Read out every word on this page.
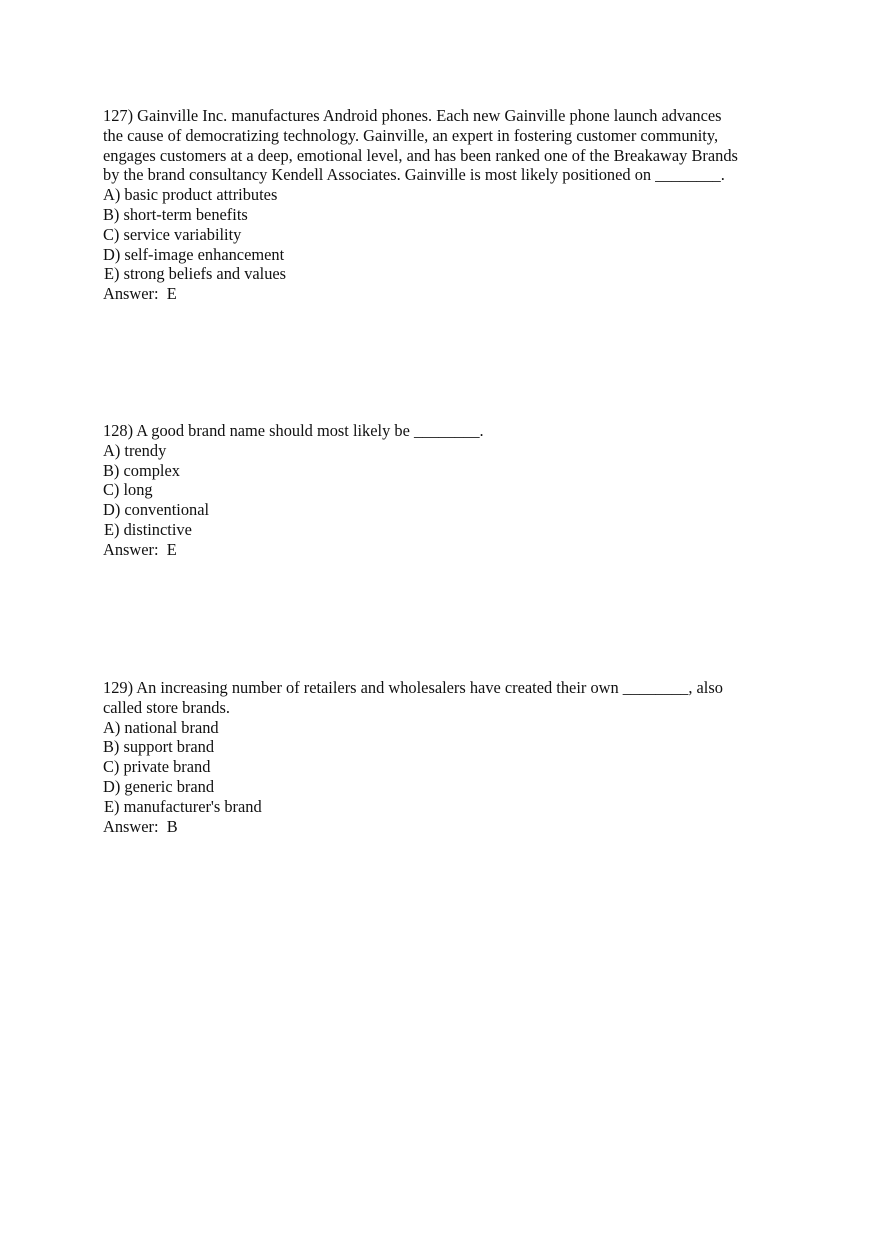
127) Gainville Inc. manufactures Android phones. Each new Gainville phone launch advances
the cause of democratizing technology. Gainville, an expert in fostering customer community,
engages customers at a deep, emotional level, and has been ranked one of the Breakaway Brands
by the brand consultancy Kendell Associates. Gainville is most likely positioned on ________.

A) basic product attributes
B) short-term benefits
C) service variability
D) self-image enhancement
E) strong beliefs and values

Answer: E

128) A good brand name should most likely be ________.

A) trendy
B) complex
C) long
D) conventional
E) distinctive

Answer: E

129) An increasing number of retailers and wholesalers have created their own ________, also
called store brands.

A) national brand
B) support brand
C) private brand
D) generic brand
E) manufacturer's brand

Answer: B
